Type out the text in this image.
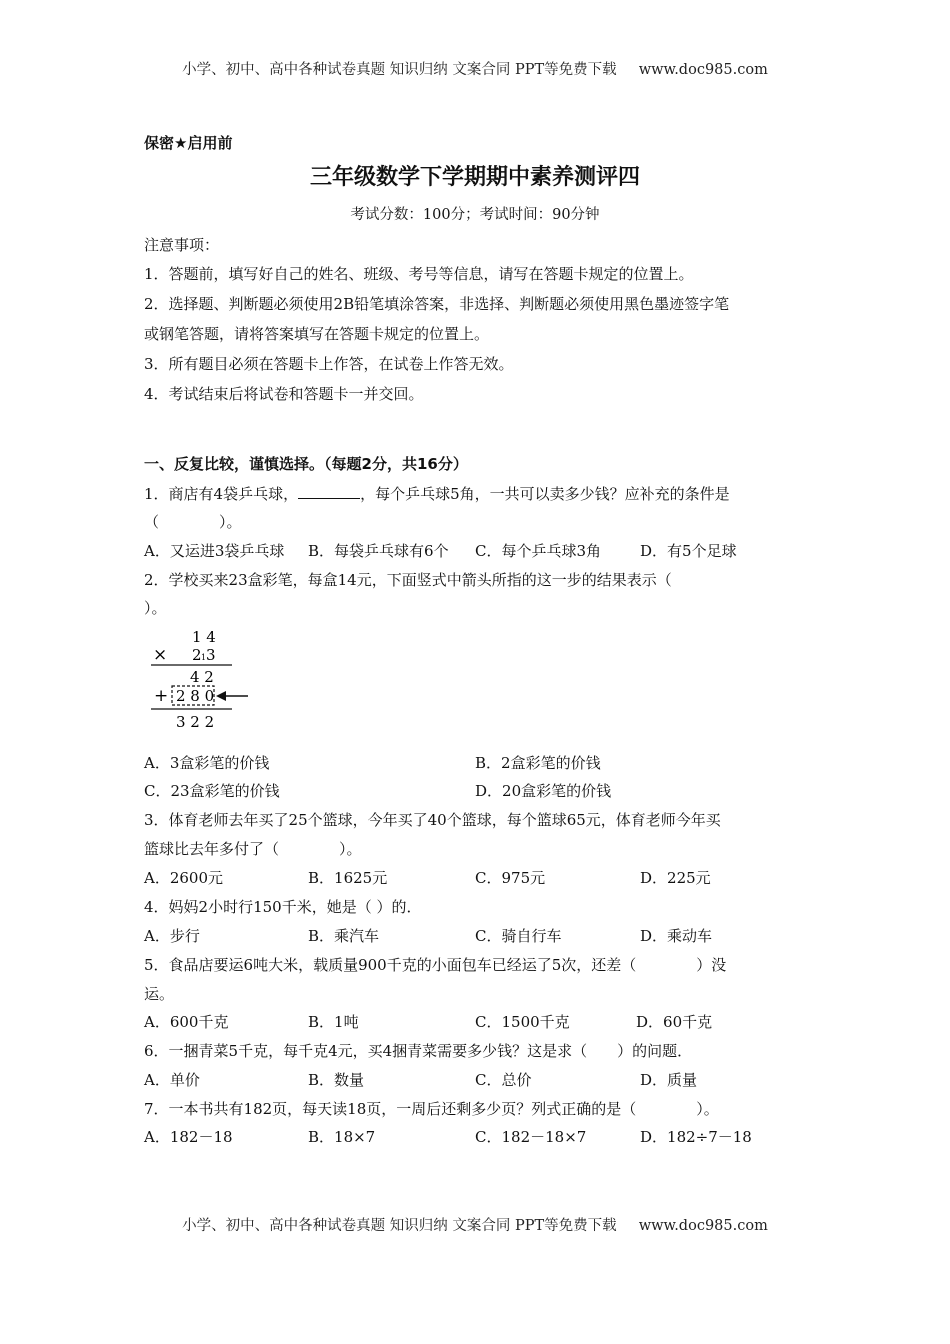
小学、初中、高中各种试卷真题 知识归纳 文案合同 PPT等免费下载 www.doc985.com
保密★启用前
三年级数学下学期期中素养测评四
考试分数：100分；考试时间：90分钟
注意事项：
1．答题前，填写好自己的姓名、班级、考号等信息，请写在答题卡规定的位置上。
2．选择题、判断题必须使用2B铅笔填涂答案，非选择、判断题必须使用黑色墨迹签字笔
或钢笔答题，请将答案填写在答题卡规定的位置上。
3．所有题目必须在答题卡上作答，在试卷上作答无效。
4．考试结束后将试卷和答题卡一并交回。
一、反复比较，谨慎选择。（每题2分，共16分）
1．商店有4袋乒乓球，	，每个乒乓球5角，一共可以卖多少钱？应补充的条件是
（　　　　）。
A．又运进3袋乒乓球 B．每袋乒乓球有6个 C．每个乒乓球3角	D．有5个足球
2．学校买来23盒彩笔，每盒14元，下面竖式中箭头所指的这一步的结果表示（
）。
1 4
× 2 1 3
4 2
+ 2 8 0
3 2 2
A．3盒彩笔的价钱	B．2盒彩笔的价钱
C．23盒彩笔的价钱	D．20盒彩笔的价钱
3．体育老师去年买了25个篮球，今年买了40个篮球，每个篮球65元，体育老师今年买
篮球比去年多付了（　　　　）。
A．2600元	B．1625元	C．975元	D．225元
4．妈妈2小时行150千米，她是（ ）的．
A．步行	B．乘汽车	C．骑自行车	D．乘动车
5．食品店要运6吨大米，载质量900千克的小面包车已经运了5次，还差（　　　　）没
运。
A．600千克	B．1吨	C．1500千克	D．60千克
6．一捆青菜5千克，每千克4元，买4捆青菜需要多少钱？这是求（　　）的问题．
A．单价	B．数量	C．总价	D．质量
7．一本书共有182页，每天读18页，一周后还剩多少页？列式正确的是（　　　　）。
A．182－18	B．18×7	C．182－18×7	D．182÷7－18
小学、初中、高中各种试卷真题 知识归纳 文案合同 PPT等免费下载 www.doc985.com
